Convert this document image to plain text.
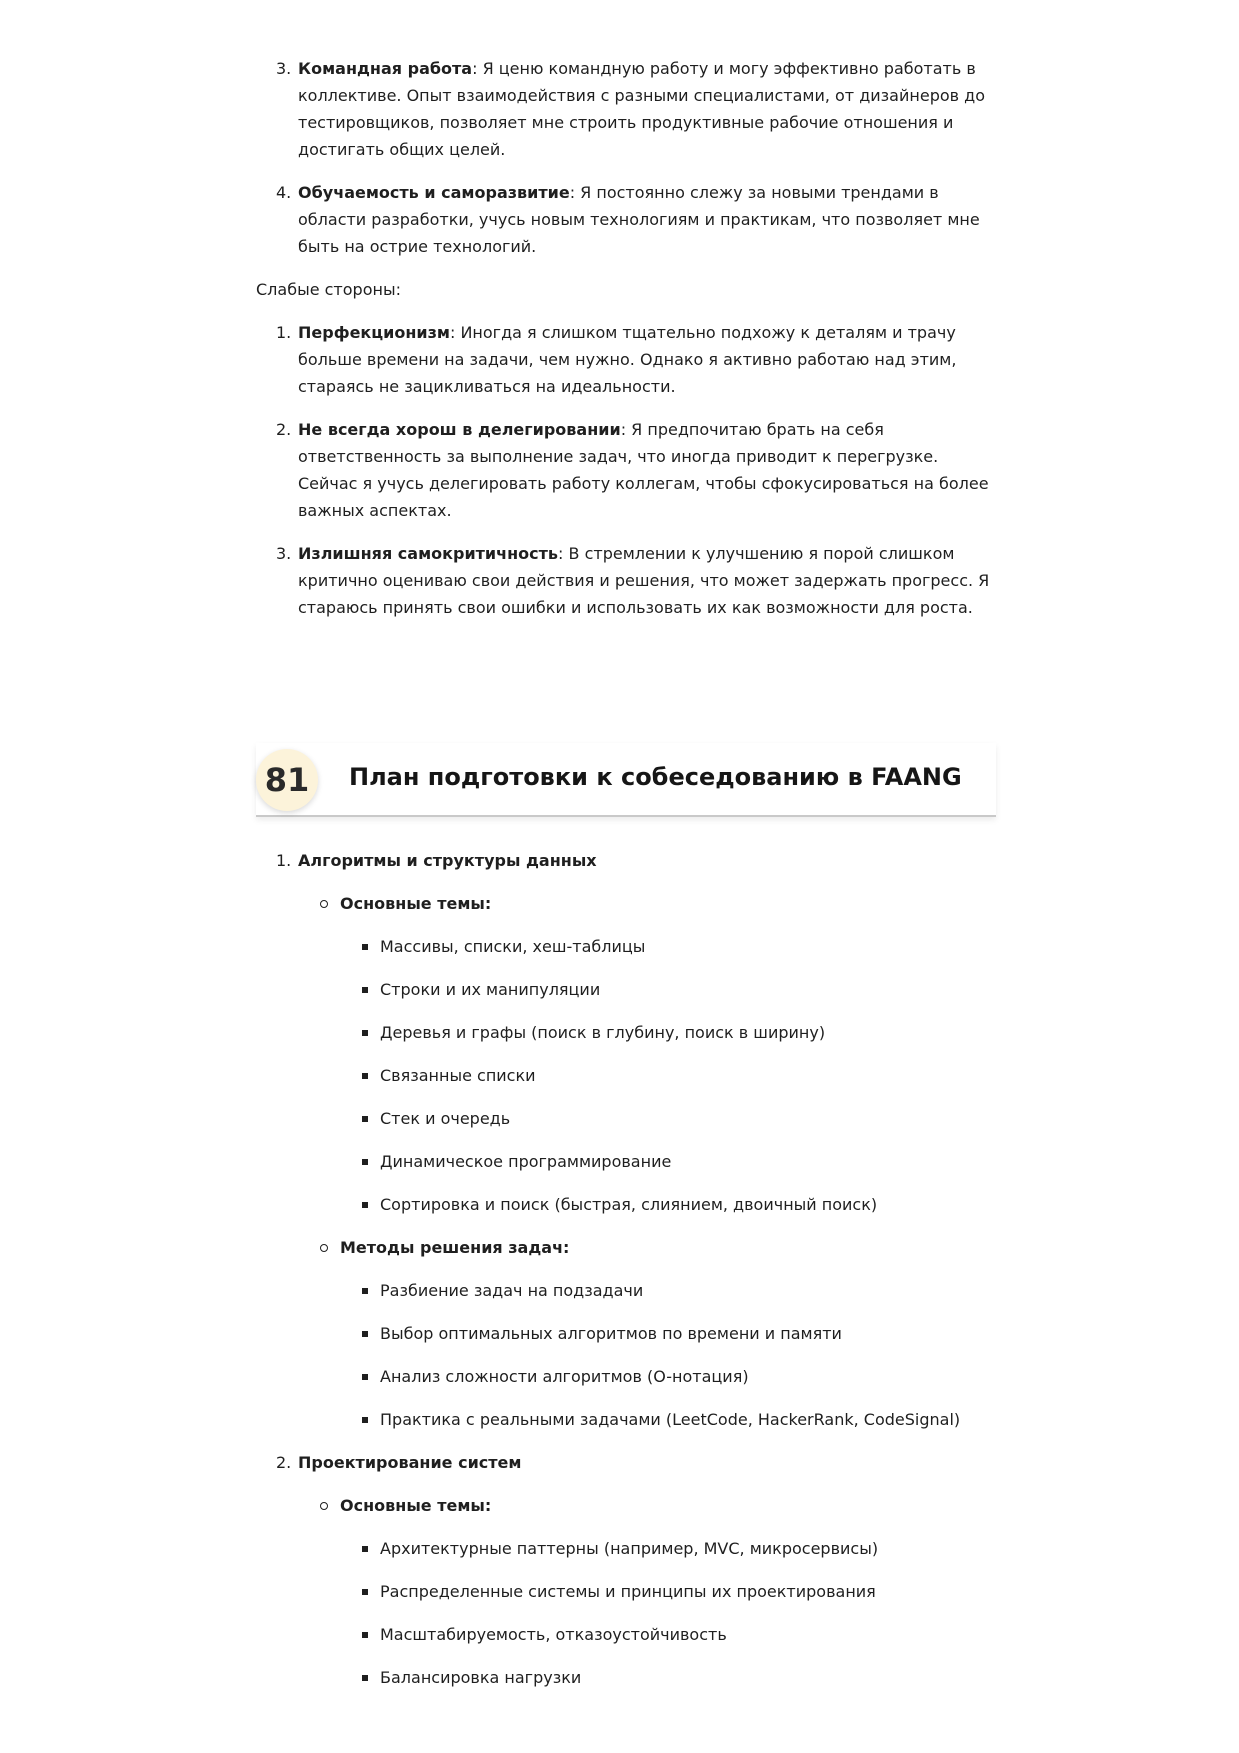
3. Командная работа: Я ценю командную работу и могу эффективно работать в коллективе. Опыт взаимодействия с разными специалистами, от дизайнеров до тестировщиков, позволяет мне строить продуктивные рабочие отношения и достигать общих целей.
4. Обучаемость и саморазвитие: Я постоянно слежу за новыми трендами в области разработки, учусь новым технологиям и практикам, что позволяет мне быть на острие технологий.

Слабые стороны:

1. Перфекционизм: Иногда я слишком тщательно подхожу к деталям и трачу больше времени на задачи, чем нужно. Однако я активно работаю над этим, стараясь не зацикливаться на идеальности.
2. Не всегда хорош в делегировании: Я предпочитаю брать на себя ответственность за выполнение задач, что иногда приводит к перегрузке. Сейчас я учусь делегировать работу коллегам, чтобы сфокусироваться на более важных аспектах.
3. Излишняя самокритичность: В стремлении к улучшению я порой слишком критично оцениваю свои действия и решения, что может задержать прогресс. Я стараюсь принять свои ошибки и использовать их как возможности для роста.
81	План подготовки к собеседованию в FAANG
1. Алгоритмы и структуры данных
Основные темы:
Массивы, списки, хеш-таблицы
Строки и их манипуляции
Деревья и графы (поиск в глубину, поиск в ширину)
Связанные списки
Стек и очередь
Динамическое программирование
Сортировка и поиск (быстрая, слиянием, двоичный поиск)
Методы решения задач:
Разбиение задач на подзадачи
Выбор оптимальных алгоритмов по времени и памяти
Анализ сложности алгоритмов (O-нотация)
Практика с реальными задачами (LeetCode, HackerRank, CodeSignal)
2. Проектирование систем
Основные темы:
Архитектурные паттерны (например, MVC, микросервисы)
Распределенные системы и принципы их проектирования
Масштабируемость, отказоустойчивость
Балансировка нагрузки
